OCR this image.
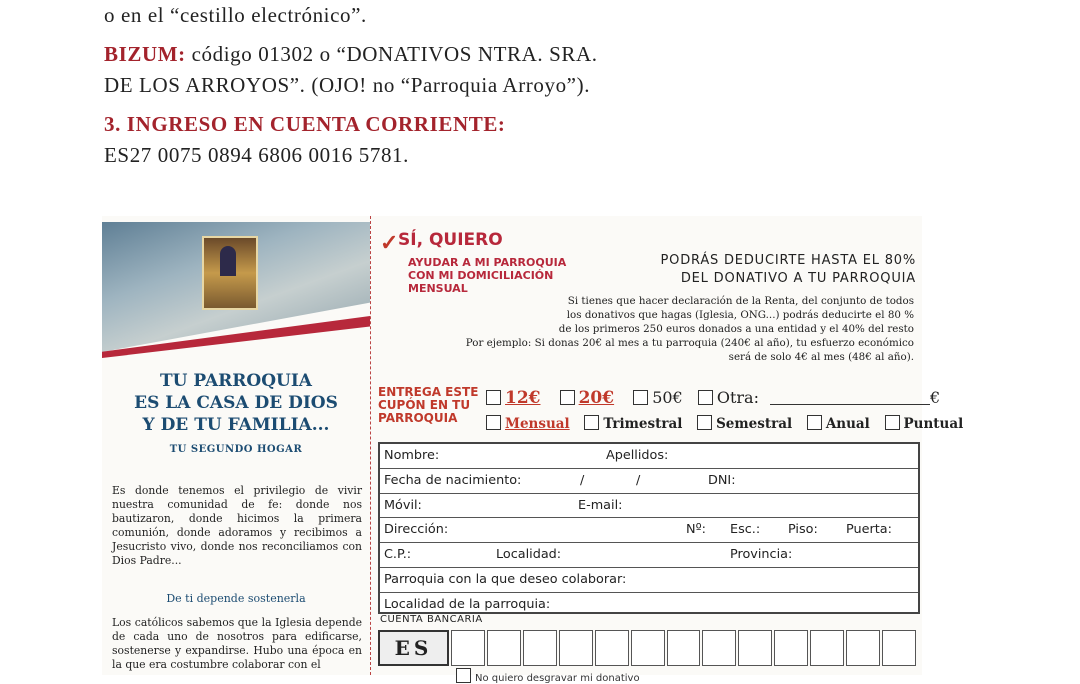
o en el “cestillo electrónico”.

BIZUM: código 01302 o “DONATIVOS NTRA. SRA.

DE LOS ARROYOS”. (OJO! no “Parroquia Arroyo”).

3. INGRESO EN CUENTA CORRIENTE:

ES27 0075 0894 6806 0016 5781.

TU PARROQUIA
ES LA CASA DE DIOS
Y DE TU FAMILIA...
TU SEGUNDO HOGAR
Es donde tenemos el privilegio de vivir nuestra comunidad de fe: donde nos bautizaron, donde hicimos la primera comunión, donde adoramos y recibimos a Jesucristo vivo, donde nos reconciliamos con Dios Padre...
De ti depende sostenerla
Los católicos sabemos que la Iglesia depende de cada uno de nosotros para edificarse, sostenerse y expandirse. Hubo una época en la que era costumbre colaborar con el
✓ SÍ, QUIERO
AYUDAR A MI PARROQUIA
CON MI DOMICILIACIÓN
MENSUAL
PODRÁS DEDUCIRTE HASTA EL 80%
DEL DONATIVO A TU PARROQUIA
Si tienes que hacer declaración de la Renta, del conjunto de todos los donativos que hagas (Iglesia, ONG...) podrás deducirte el 80 % de los primeros 250 euros donados a una entidad y el 40% del resto
Por ejemplo: Si donas 20€ al mes a tu parroquia (240€ al año), tu esfuerzo económico será de solo 4€ al mes (48€ al año).
ENTREGA ESTE
CUPÓN EN TU
PARROQUIA
12€ 20€ 50€ Otra:	€
Mensual Trimestral Semestral Anual Puntual
Nombre:	Apellidos:
Fecha de nacimiento:	/	/	DNI:
Móvil:	E-mail:
Dirección:	Nº: Esc.: Piso: Puerta:
C.P.:	Localidad:	Provincia:
Parroquia con la que deseo colaborar:
Localidad de la parroquia:
CUENTA BANCARIA
ES
No quiero desgravar mi donativo
